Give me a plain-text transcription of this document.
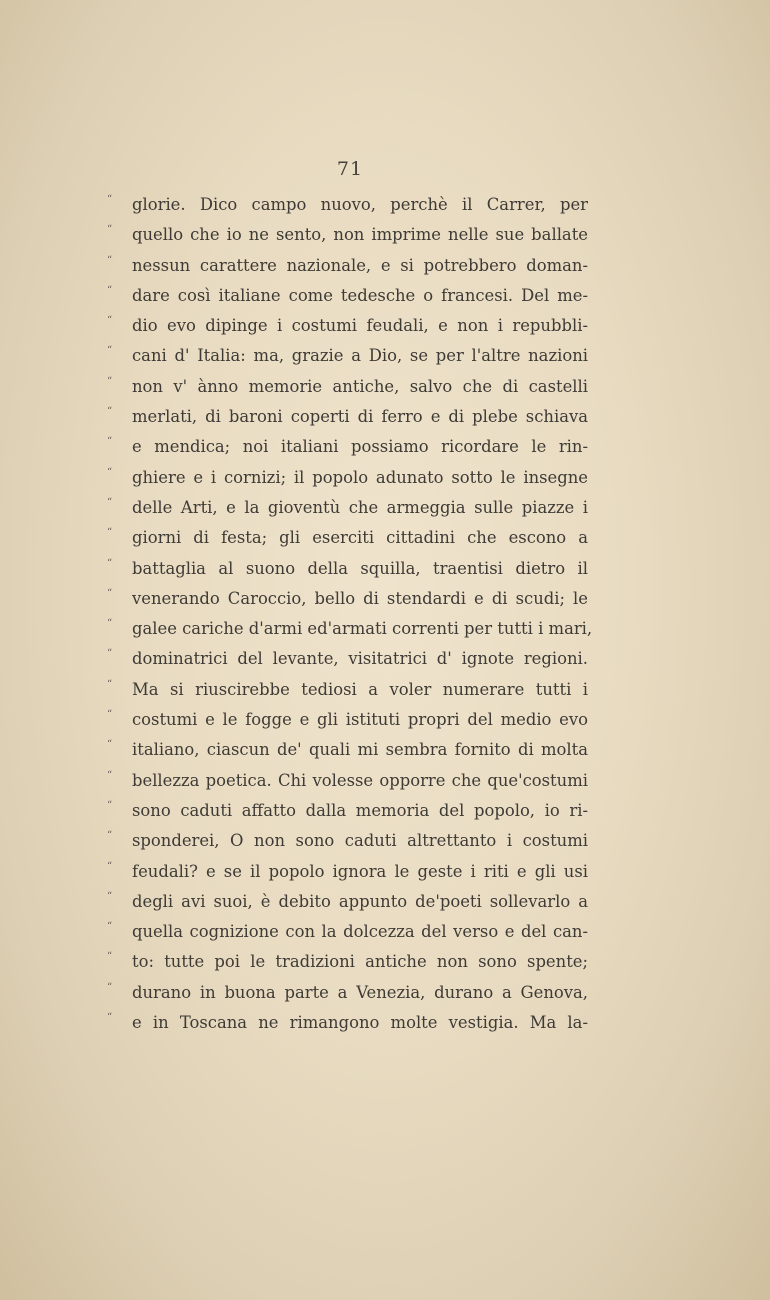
71
“ glorie. Dico campo nuovo, perchè il Carrer, per
“ quello che io ne sento, non imprime nelle sue ballate
“ nessun carattere nazionale, e si potrebbero doman-
“ dare così italiane come tedesche o francesi. Del me-
“ dio evo dipinge i costumi feudali, e non i repubbli-
“ cani d' Italia: ma, grazie a Dio, se per l'altre nazioni
“ non v' ànno memorie antiche, salvo che di castelli
“ merlati, di baroni coperti di ferro e di plebe schiava
“ e mendica; noi italiani possiamo ricordare le rin-
“ ghiere e i cornizi; il popolo adunato sotto le insegne
“ delle Arti, e la gioventù che armeggia sulle piazze i
“ giorni di festa; gli eserciti cittadini che escono a
“ battaglia al suono della squilla, traentisi dietro il
“ venerando Caroccio, bello di stendardi e di scudi; le
“ galee cariche d'armi ed'armati correnti per tutti i mari,
“ dominatrici del levante, visitatrici d' ignote regioni.
“ Ma si riuscirebbe tediosi a voler numerare tutti i
“ costumi e le fogge e gli istituti propri del medio evo
“ italiano, ciascun de' quali mi sembra fornito di molta
“ bellezza poetica. Chi volesse opporre che que'costumi
“ sono caduti affatto dalla memoria del popolo, io ri-
“ sponderei, O non sono caduti altrettanto i costumi
“ feudali? e se il popolo ignora le geste i riti e gli usi
“ degli avi suoi, è debito appunto de'poeti sollevarlo a
“ quella cognizione con la dolcezza del verso e del can-
“ to: tutte poi le tradizioni antiche non sono spente;
“ durano in buona parte a Venezia, durano a Genova,
“ e in Toscana ne rimangono molte vestigia. Ma la-
